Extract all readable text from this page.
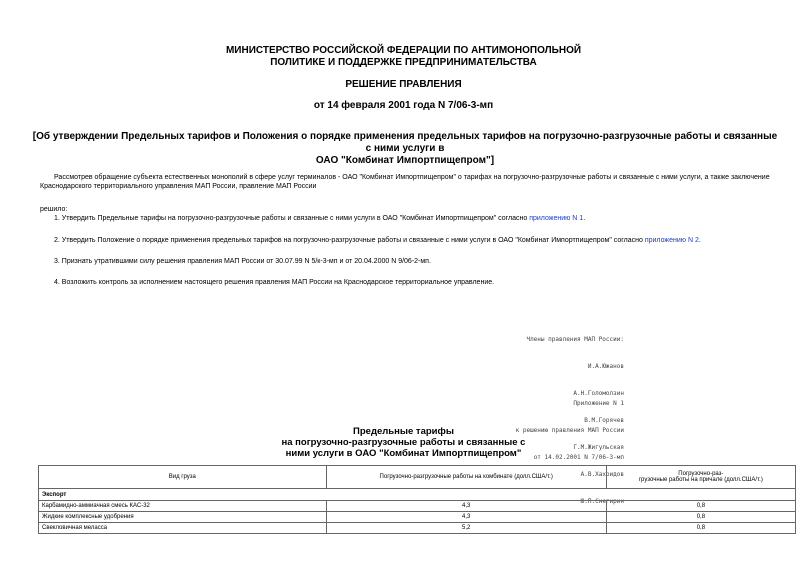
МИНИСТЕРСТВО РОССИЙСКОЙ ФЕДЕРАЦИИ ПО АНТИМОНОПОЛЬНОЙ
ПОЛИТИКЕ И ПОДДЕРЖКЕ ПРЕДПРИНИМАТЕЛЬСТВА
РЕШЕНИЕ ПРАВЛЕНИЯ
от 14 февраля 2001 года N 7/06-3-мп
[Об утверждении Предельных тарифов и Положения о порядке применения предельных тарифов на погрузочно-разгрузочные работы и связанные с ними услуги в
ОАО "Комбинат Импортпищепром"]
Рассмотрев обращение субъекта естественных монополий в сфере услуг терминалов - ОАО "Комбинат Импортпищепром" о тарифах на погрузочно-разгрузочные работы и связанные с ними услуги, а также заключение Краснодарского территориального управления МАП России, правление МАП России
решило:
1. Утвердить Предельные тарифы на погрузочно-разгрузочные работы и связанные с ними услуги в ОАО "Комбинат Импортпищепром" согласно приложению N 1.
2. Утвердить Положение о порядке применения предельных тарифов на погрузочно-разгрузочные работы и связанные с ними услуги в ОАО "Комбинат Импортпищепром" согласно приложению N 2.
3. Признать утратившими силу решения правления МАП России от 30.07.99 N 5/к-3-мп и от 20.04.2000 N 9/06-2-мп.
4. Возложить контроль за исполнением настоящего решения правления МАП России на Краснодарское территориальное управление.

Члены правления МАП России:

И.А.Южанов

А.Н.Голомолзин

В.М.Горячев

Г.М.Жигульская

А.В.Хахридов

Ю.П.Снегирин

Приложение N 1

к решению правления МАП России

от 14.02.2001 N 7/06-3-мп

Предельные тарифы
на погрузочно-разгрузочные работы и связанные с
ними услуги в ОАО "Комбинат Импортпищепром"
Вид груза	Погрузочно-разгрузочные работы на комбинате (долл.США/т.)	Погрузочно-раз-
грузочные работы на причале (долл.США/т.)
Экспорт		
Карбамидно-аммиачная смесь КАС-32	4,3	0,8
Жидкие комплексные удобрения	4,3	0,8
Свекловичная меласса	5,2	0,8
